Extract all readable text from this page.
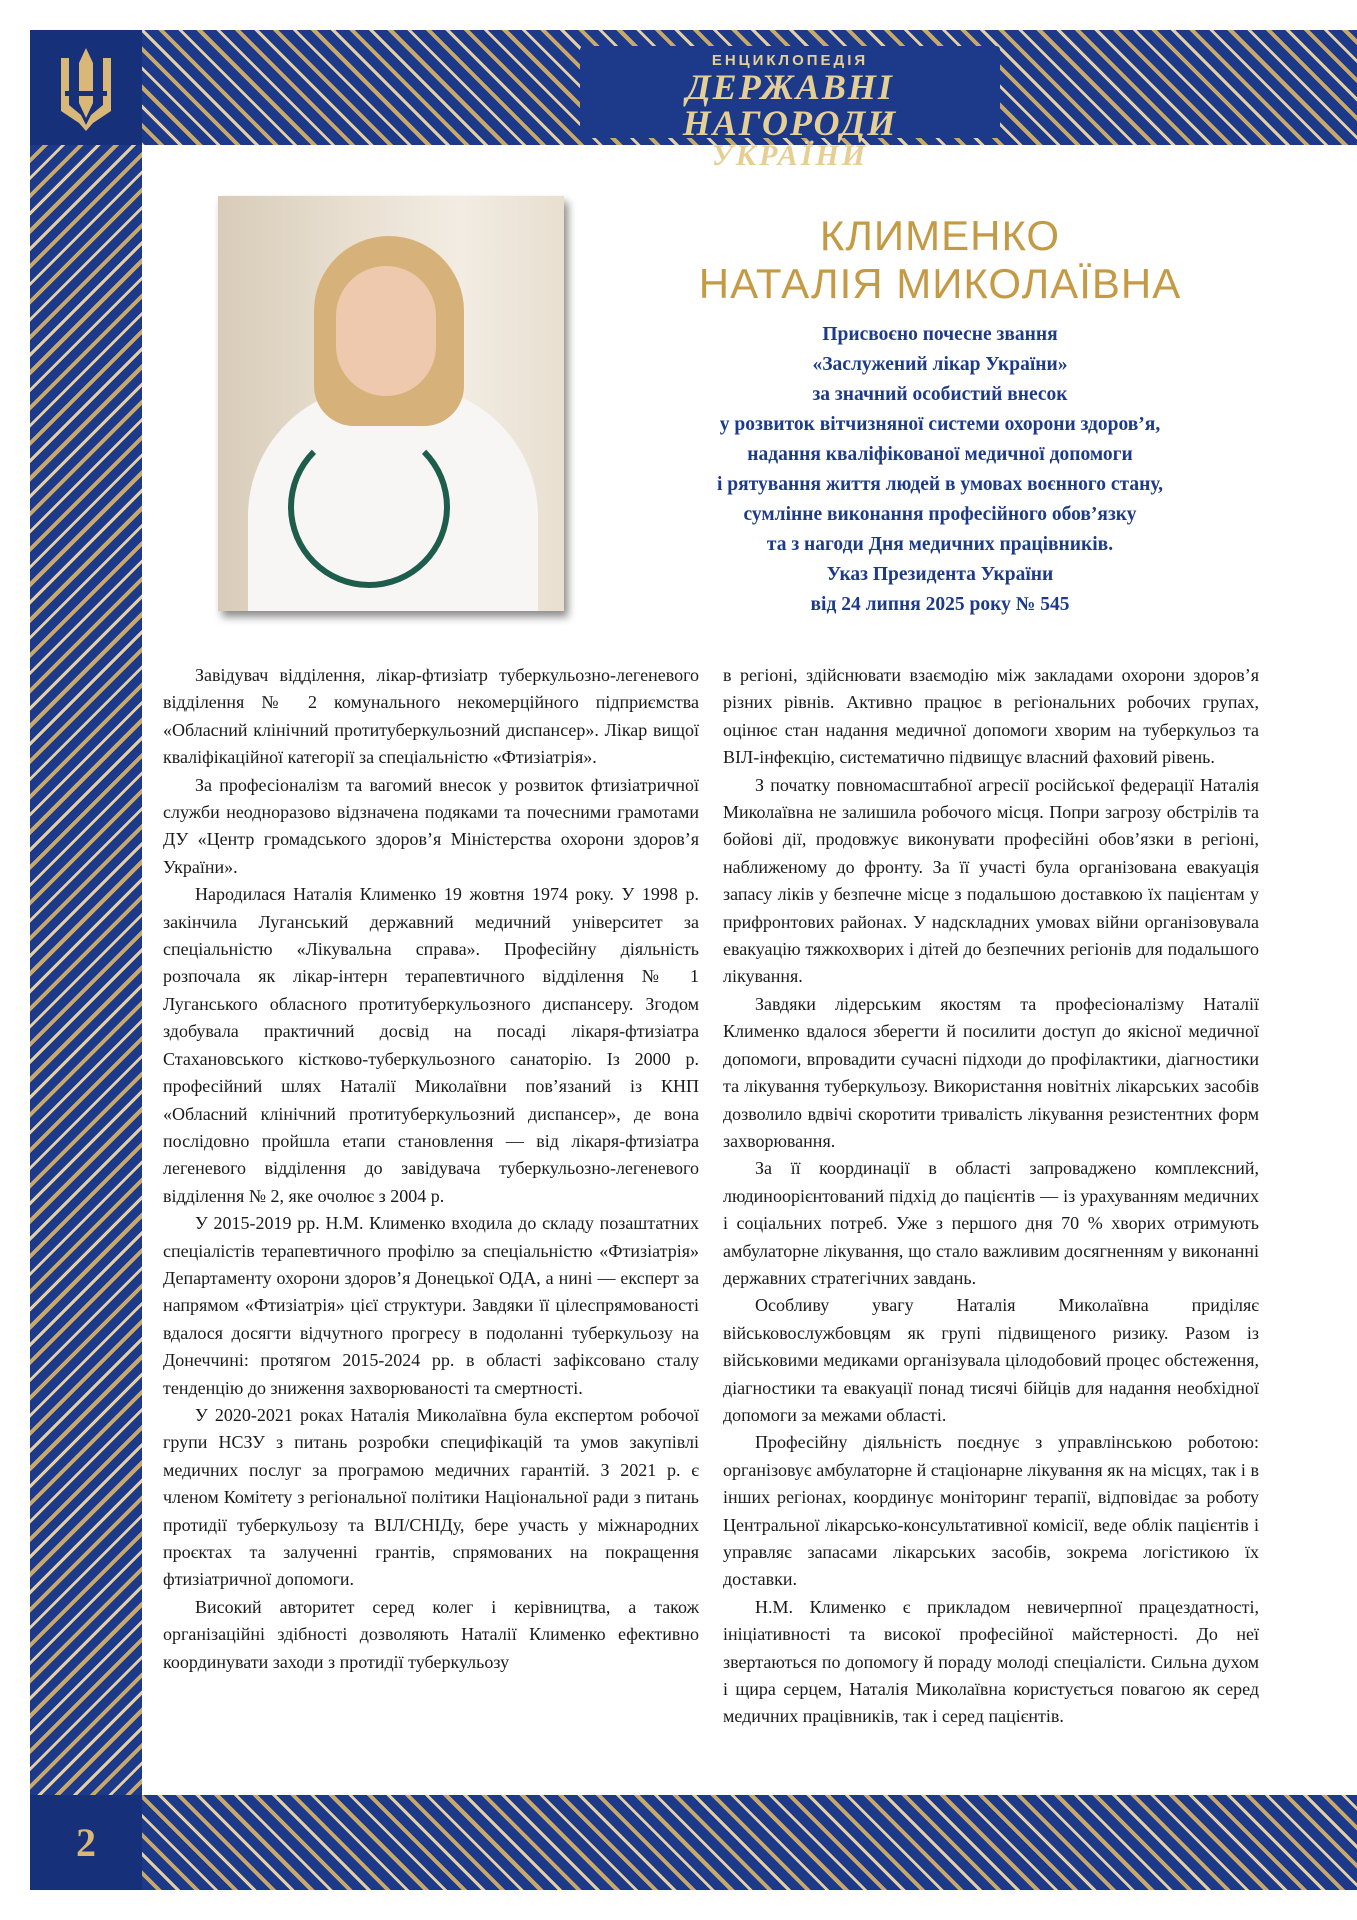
2
ЕНЦИКЛОПЕДІЯ
ДЕРЖАВНІ НАГОРОДИ
УКРАЇНИ
КЛИМЕНКО
НАТАЛІЯ МИКОЛАЇВНА
Присвоєно почесне звання
«Заслужений лікар України»
за значний особистий внесок
у розвиток вітчизняної системи охорони здоров’я,
надання кваліфікованої медичної допомоги
і рятування життя людей в умовах воєнного стану,
сумлінне виконання професійного обов’язку
та з нагоди Дня медичних працівників.
Указ Президента України
від 24 липня 2025 року № 545

Завідувач відділення, лікар-фтизіатр туберкульозно-легеневого відділення № 2 комунального некомерційного підприємства «Обласний клінічний протитуберкульозний диспансер». Лікар вищої кваліфікаційної категорії за спеціальністю «Фтизіатрія».

За професіоналізм та вагомий внесок у розвиток фтизіатричної служби неодноразово відзначена подяками та почесними грамотами ДУ «Центр громадського здоров’я Міністерства охорони здоров’я України».

Народилася Наталія Клименко 19 жовтня 1974 року. У 1998 р. закінчила Луганський державний медичний університет за спеціальністю «Лікувальна справа». Професійну діяльність розпочала як лікар-інтерн терапевтичного відділення № 1 Луганського обласного протитуберкульозного диспансеру. Згодом здобувала практичний досвід на посаді лікаря-фтизіатра Стахановського кістково-туберкульозного санаторію. Із 2000 р. професійний шлях Наталії Миколаївни пов’язаний із КНП «Обласний клінічний протитуберкульозний диспансер», де вона послідовно пройшла етапи становлення — від лікаря-фтизіатра легеневого відділення до завідувача туберкульозно-легеневого відділення № 2, яке очолює з 2004 р.

У 2015-2019 рр. Н.М. Клименко входила до складу позаштатних спеціалістів терапевтичного профілю за спеціальністю «Фтизіатрія» Департаменту охорони здоров’я Донецької ОДА, а нині — експерт за напрямом «Фтизіатрія» цієї структури. Завдяки її цілеспрямованості вдалося досягти відчутного прогресу в подоланні туберкульозу на Донеччині: протягом 2015-2024 рр. в області зафіксовано сталу тенденцію до зниження захворюваності та смертності.

У 2020-2021 роках Наталія Миколаївна була експертом робочої групи НСЗУ з питань розробки специфікацій та умов закупівлі медичних послуг за програмою медичних гарантій. З 2021 р. є членом Комітету з регіональної політики Національної ради з питань протидії туберкульозу та ВІЛ/СНІДу, бере участь у міжнародних проєктах та залученні грантів, спрямованих на покращення фтизіатричної допомоги.

Високий авторитет серед колег і керівництва, а також організаційні здібності дозволяють Наталії Клименко ефективно координувати заходи з протидії туберкульозу

в регіоні, здійснювати взаємодію між закладами охорони здоров’я різних рівнів. Активно працює в регіональних робочих групах, оцінює стан надання медичної допомоги хворим на туберкульоз та ВІЛ-інфекцію, систематично підвищує власний фаховий рівень.

З початку повномасштабної агресії російської федерації Наталія Миколаївна не залишила робочого місця. Попри загрозу обстрілів та бойові дії, продовжує виконувати професійні обов’язки в регіоні, наближеному до фронту. За її участі була організована евакуація запасу ліків у безпечне місце з подальшою доставкою їх пацієнтам у прифронтових районах. У надскладних умовах війни організовувала евакуацію тяжкохворих і дітей до безпечних регіонів для подальшого лікування.

Завдяки лідерським якостям та професіоналізму Наталії Клименко вдалося зберегти й посилити доступ до якісної медичної допомоги, впровадити сучасні підходи до профілактики, діагностики та лікування туберкульозу. Використання новітніх лікарських засобів дозволило вдвічі скоротити тривалість лікування резистентних форм захворювання.

За її координації в області запроваджено комплексний, людиноорієнтований підхід до пацієнтів — із урахуванням медичних і соціальних потреб. Уже з першого дня 70 % хворих отримують амбулаторне лікування, що стало важливим досягненням у виконанні державних стратегічних завдань.

Особливу увагу Наталія Миколаївна приділяє військовослужбовцям як групі підвищеного ризику. Разом із військовими медиками організувала цілодобовий процес обстеження, діагностики та евакуації понад тисячі бійців для надання необхідної допомоги за межами області.

Професійну діяльність поєднує з управлінською роботою: організовує амбулаторне й стаціонарне лікування як на місцях, так і в інших регіонах, координує моніторинг терапії, відповідає за роботу Центральної лікарсько-консультативної комісії, веде облік пацієнтів і управляє запасами лікарських засобів, зокрема логістикою їх доставки.

Н.М. Клименко є прикладом невичерпної працездатності, ініціативності та високої професійної майстерності. До неї звертаються по допомогу й пораду молоді спеціалісти. Сильна духом і щира серцем, Наталія Миколаївна користується повагою як серед медичних працівників, так і серед пацієнтів.
